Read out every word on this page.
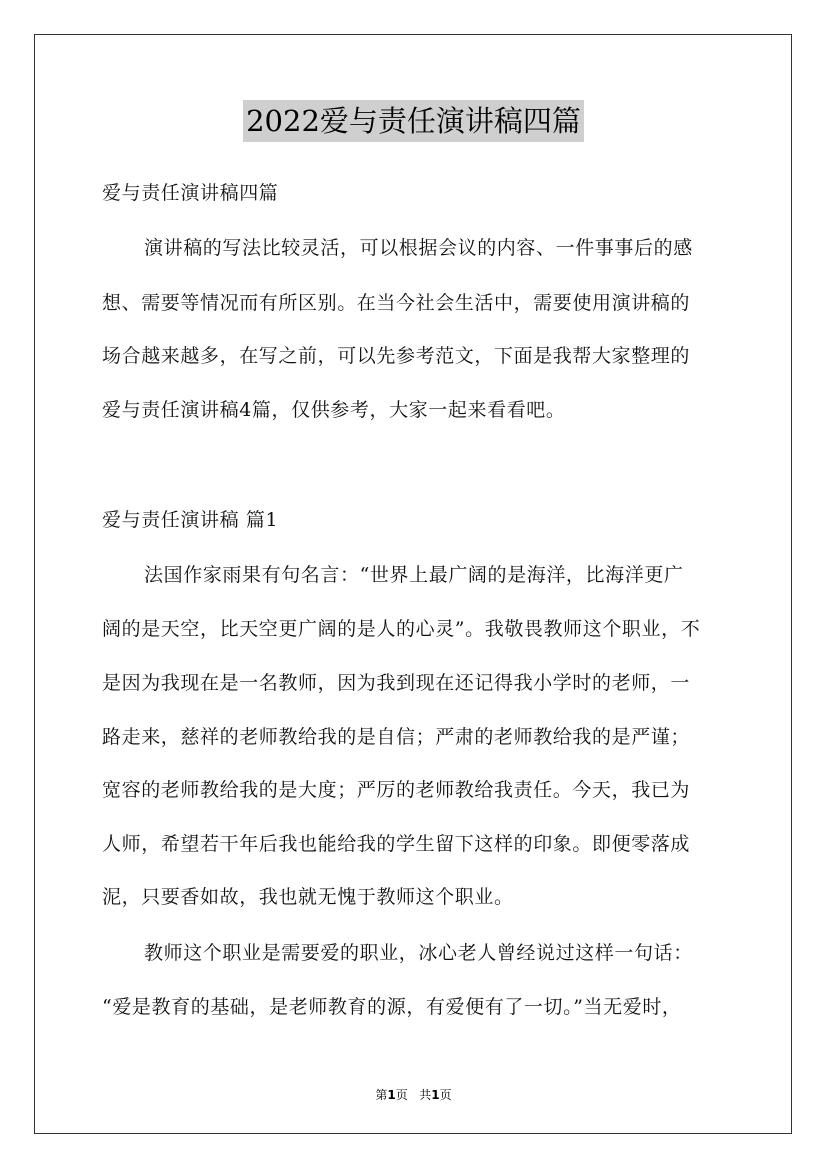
2022爱与责任演讲稿四篇
爱与责任演讲稿四篇
演讲稿的写法比较灵活，可以根据会议的内容、一件事事后的感
想、需要等情况而有所区别。在当今社会生活中，需要使用演讲稿的
场合越来越多，在写之前，可以先参考范文，下面是我帮大家整理的
爱与责任演讲稿4篇，仅供参考，大家一起来看看吧。
爱与责任演讲稿 篇1
法国作家雨果有句名言：“世界上最广阔的是海洋，比海洋更广
阔的是天空，比天空更广阔的是人的心灵”。我敬畏教师这个职业，不
是因为我现在是一名教师，因为我到现在还记得我小学时的老师，一
路走来，慈祥的老师教给我的是自信；严肃的老师教给我的是严谨；
宽容的老师教给我的是大度；严厉的老师教给我责任。今天，我已为
人师，希望若干年后我也能给我的学生留下这样的印象。即便零落成
泥，只要香如故，我也就无愧于教师这个职业。
教师这个职业是需要爱的职业，冰心老人曾经说过这样一句话：
“爱是教育的基础，是老师教育的源，有爱便有了一切。”当无爱时，
第1页 共1页
